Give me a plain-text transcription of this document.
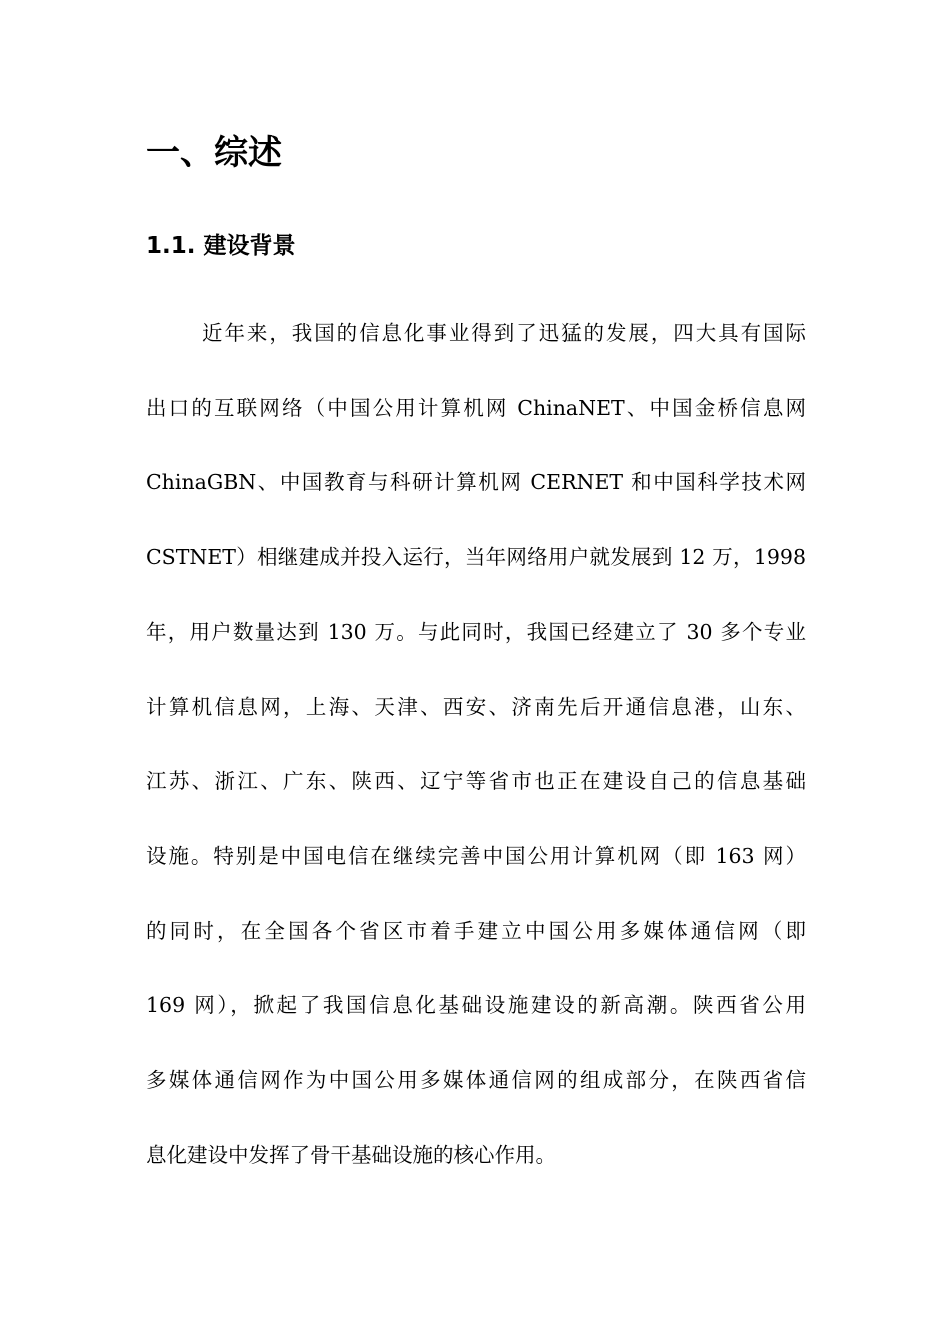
一、综述
1.1. 建设背景
近年来，我国的信息化事业得到了迅猛的发展，四大具有国际
出口的互联网络（中国公用计算机网 ChinaNET、中国金桥信息网
ChinaGBN、中国教育与科研计算机网 CERNET 和中国科学技术网
CSTNET）相继建成并投入运行，当年网络用户就发展到 12 万，1998
年，用户数量达到 130 万。与此同时，我国已经建立了 30 多个专业
计算机信息网，上海、天津、西安、济南先后开通信息港，山东、
江苏、浙江、广东、陕西、辽宁等省市也正在建设自己的信息基础
设施。特别是中国电信在继续完善中国公用计算机网（即 163 网）
的同时，在全国各个省区市着手建立中国公用多媒体通信网（即
169 网），掀起了我国信息化基础设施建设的新高潮。陕西省公用
多媒体通信网作为中国公用多媒体通信网的组成部分，在陕西省信
息化建设中发挥了骨干基础设施的核心作用。
